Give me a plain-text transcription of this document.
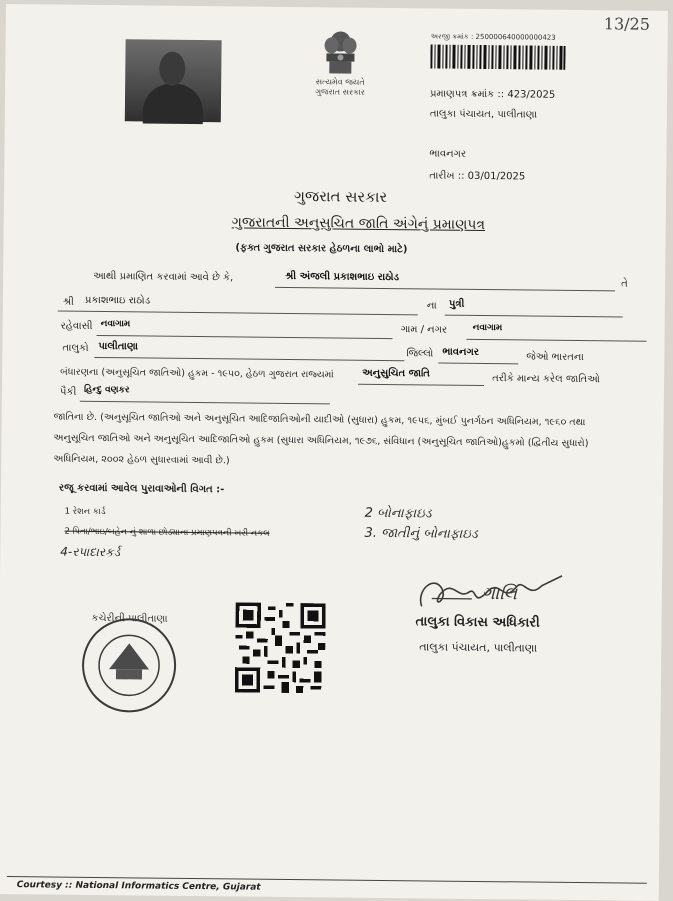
13/25
સત્યમેવ જયતે
ગુજરાત સરકાર
અરજી ક્રમાંક : 250000640000000423
પ્રમાણપત્ર ક્રમાંક :: 423/2025
તાલુકા પંચાયત, પાલીતાણા
ભાવનગર
તારીખ :: 03/01/2025
ગુજરાત સરકાર
ગુજરાતની અનુસુચિત જાતિ અંગેનું પ્રમાણપત્ર
(ફક્ત ગુજરાત સરકાર હેઠળના લાભો માટે)
આથી પ્રમાણિત કરવામાં આવે છે કે,	શ્રી અંજલી પ્રકાશભાઇ રાઠોડ
તે
શ્રી પ્રકાશભાઇ રાઠોડ	ના પુત્રી
રહેવાસી નવાગામ	ગામ / નગર	નવાગામ
તાલુકો પાલીતાણા
જિલ્લો ભાવનગર	જેઓ ભારતના
બંધારણના (અનુસૂચિત જાતિઓ) હુકમ - ૧૯૫૦, હેઠળ ગુજરાત રાજ્યમાં	અનુસુચિત જાતિ	તરીકે માન્ય કરેલ જાતિઓ
પૈકી હિન્દુ વણકર
જાતિના છે. (અનુસૂચિત જાતિઓ અને અનુસૂચિત આદિજાતિઓની યાદીઓ (સુધારા) હુકમ, ૧૯૫૬, મુંબઈ પુનર્ગઠન અધિનિયમ, ૧૯૬૦ તથા અનુસૂચિત જાતિઓ અને અનુસૂચિત આદિજાતિઓ હુકમ (સુધારા અધિનિયમ, ૧૯૭૬, સંવિધાન (અનુસૂચિત જાતિઓ)હુકમો (દ્વિતીય સુધારો) અધિનિયમ, ૨૦૦૨ હેઠળ સુધારવામાં આવી છે.)
રજૂ કરવામાં આવેલ પુરાવાઓની વિગત :-
1 રેશન કાર્ડ
2 પિતા/ભાઇ/બહેન નું શાળા છોડ્યાના પ્રમાણપત્રની ખરી નકલ
4-રપાદારકર્ડ
2 બોનાફાઇડ
3. જાતીનું બોનાફાઇડ
ગાલિ
તાલુકા વિકાસ અધિકારી
તાલુકા પંચાયત, પાલીતાણા
કચેરીની પાલીતાણા
Courtesy :: National Informatics Centre, Gujarat
